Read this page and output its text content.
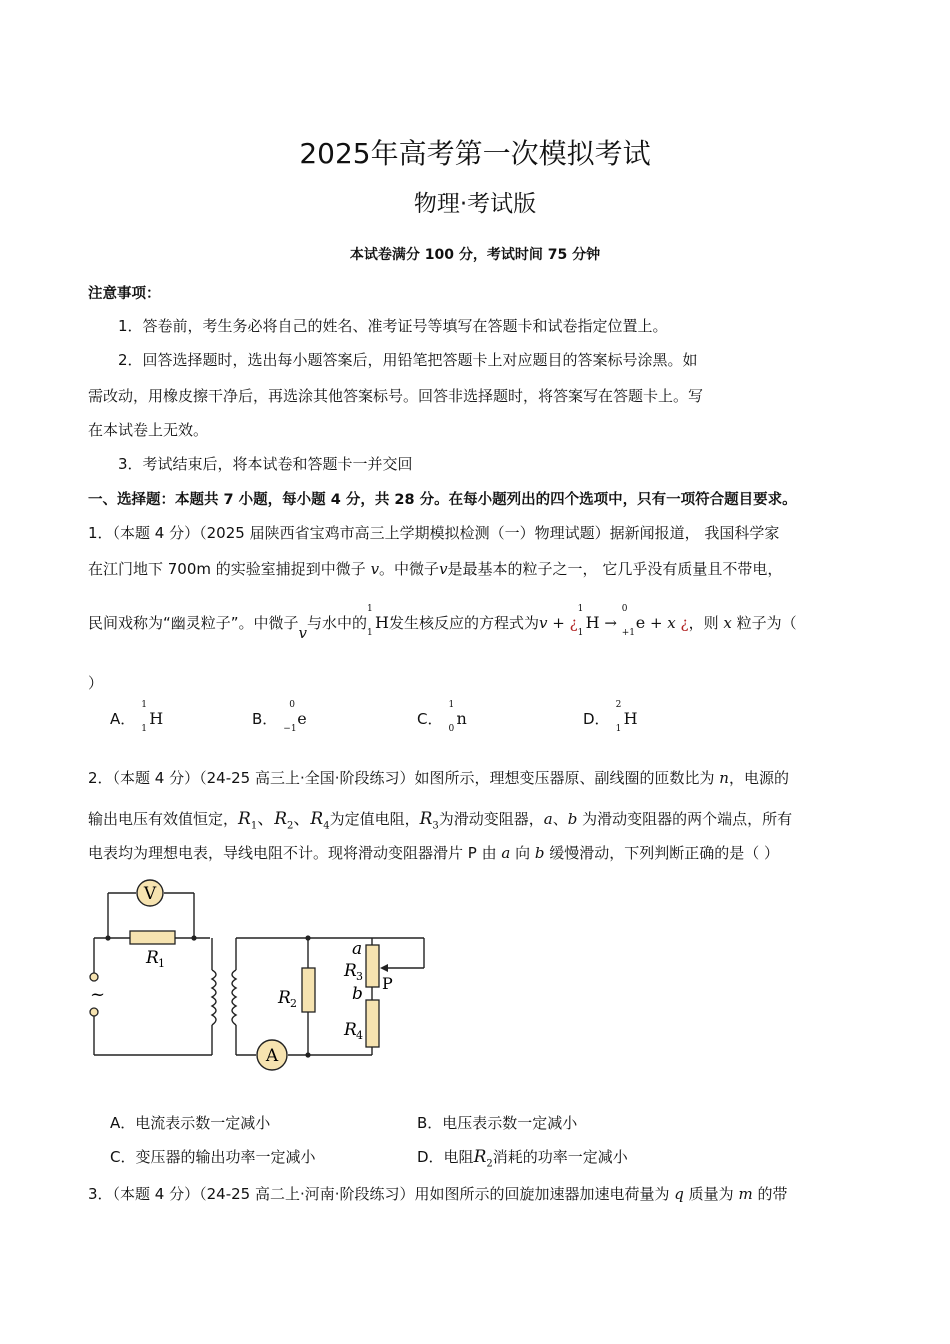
2025年高考第一次模拟考试
物理·考试版
本试卷满分 100 分，考试时间 75 分钟
注意事项：
1．答卷前，考生务必将自己的姓名、准考证号等填写在答题卡和试卷指定位置上。
2．回答选择题时，选出每小题答案后，用铅笔把答题卡上对应题目的答案标号涂黑。如
需改动，用橡皮擦干净后，再选涂其他答案标号。回答非选择题时，将答案写在答题卡上。写
在本试卷上无效。
3．考试结束后，将本试卷和答题卡一并交回
一、选择题：本题共 7 小题，每小题 4 分，共 28 分。在每小题列出的四个选项中，只有一项符合题目要求。
1．（本题 4 分）（2025 届陕西省宝鸡市高三上学期模拟检测（一）物理试题）据新闻报道， 我国科学家
在江门地下 700m 的实验室捕捉到中微子 v。中微子v是最基本的粒子之一， 它几乎没有质量且不带电，
民间戏称为“幽灵粒子”。中微子v与水中的
1
1
H发生核反应的方程式为v + ¿
1
1
H →
0
+1
e + x ¿，则 x 粒子为（
）
A．
1
1
H	B．
0
−1
e	C．
1
0
n	D．
2
1
H
2．（本题 4 分）（24-25 高三上·全国·阶段练习）如图所示，理想变压器原、副线圈的匝数比为 n，电源的
输出电压有效值恒定，$R_1$、$R_2$、$R_4$为定值电阻，$R_3$为滑动变阻器，a、b 为滑动变阻器的两个端点，所有
电表均为理想电表，导线电阻不计。现将滑动变阻器滑片 P 由 a 向 b 缓慢滑动，下列判断正确的是（ ）
V
A
~
R 1
R 2
R 3
R 4
a
b
P
A．电流表示数一定减小	B．电压表示数一定减小
C．变压器的输出功率一定减小	D．电阻$R_2$消耗的功率一定减小
3．（本题 4 分）（24-25 高二上·河南·阶段练习）用如图所示的回旋加速器加速电荷量为 q 质量为 m 的带
